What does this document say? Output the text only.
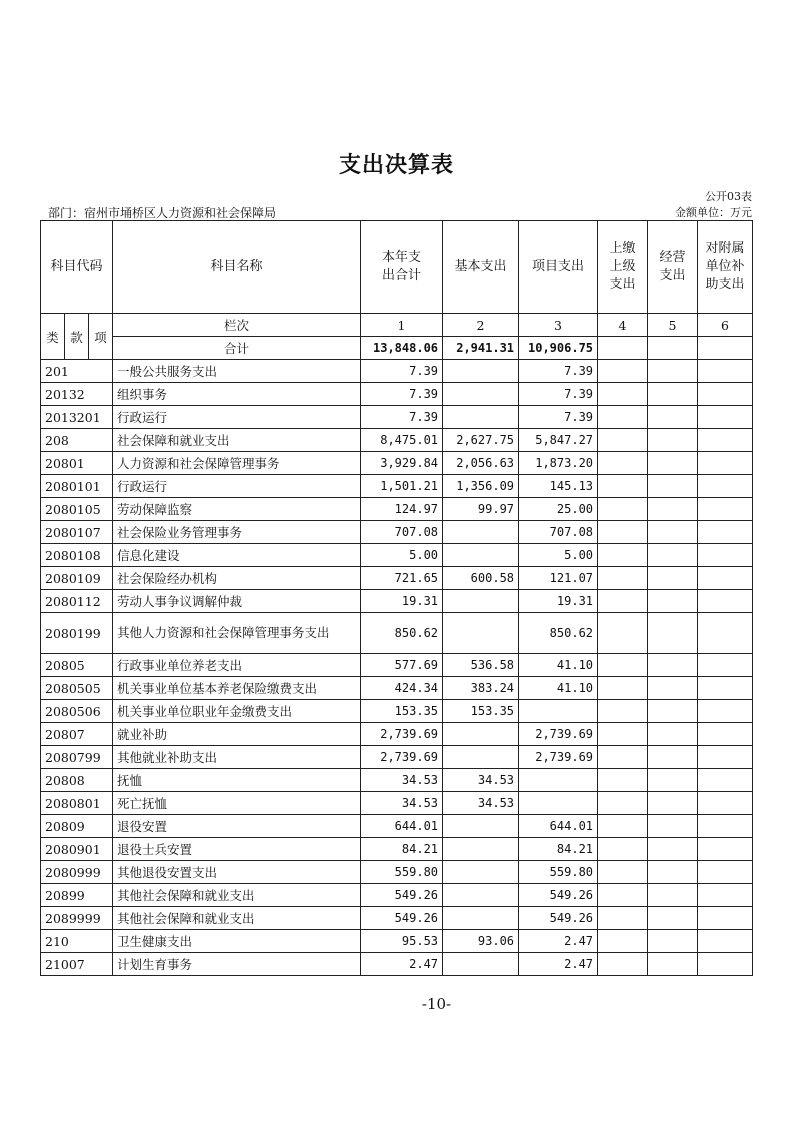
支出决算表
公开03表
部门：宿州市埇桥区人力资源和社会保障局	金额单位：万元
科目代码			科目名称	本年支出合计	基本支出	项目支出	上缴上级支出	经营支出	对附属单位补助支出
类	款	项	栏次	1	2	3	4	5	6
			合计	13,848.06	2,941.31	10,906.75			
201			一般公共服务支出	7.39		7.39			
20132			组织事务	7.39		7.39			
2013201			行政运行	7.39		7.39			
208			社会保障和就业支出	8,475.01	2,627.75	5,847.27			
20801			人力资源和社会保障管理事务	3,929.84	2,056.63	1,873.20			
2080101			行政运行	1,501.21	1,356.09	145.13			
2080105			劳动保障监察	124.97	99.97	25.00			
2080107			社会保险业务管理事务	707.08		707.08			
2080108			信息化建设	5.00		5.00			
2080109			社会保险经办机构	721.65	600.58	121.07			
2080112			劳动人事争议调解仲裁	19.31		19.31			
2080199			其他人力资源和社会保障管理事务支出	850.62		850.62			
20805			行政事业单位养老支出	577.69	536.58	41.10			
2080505			机关事业单位基本养老保险缴费支出	424.34	383.24	41.10			
2080506			机关事业单位职业年金缴费支出	153.35	153.35				
20807			就业补助	2,739.69		2,739.69			
2080799			其他就业补助支出	2,739.69		2,739.69			
20808			抚恤	34.53	34.53				
2080801			死亡抚恤	34.53	34.53				
20809			退役安置	644.01		644.01			
2080901			退役士兵安置	84.21		84.21			
2080999			其他退役安置支出	559.80		559.80			
20899			其他社会保障和就业支出	549.26		549.26			
2089999			其他社会保障和就业支出	549.26		549.26			
210			卫生健康支出	95.53	93.06	2.47			
21007			计划生育事务	2.47		2.47			
-10-
